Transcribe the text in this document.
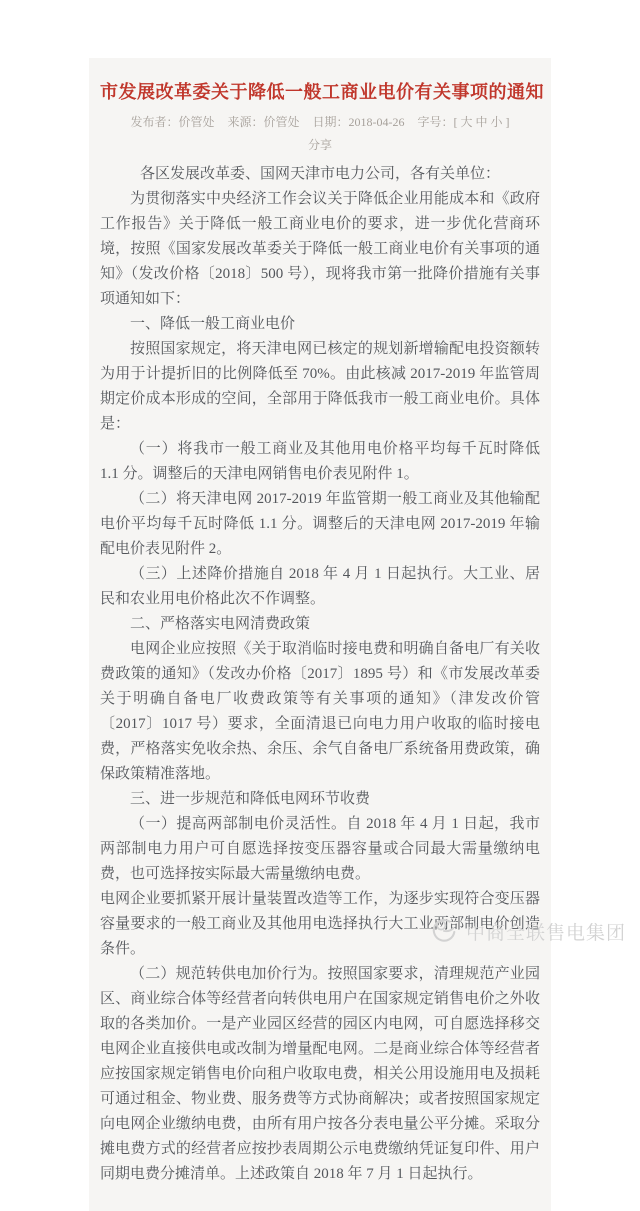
市发展改革委关于降低一般工商业电价有关事项的通知
发布者：价管处 来源：价管处 日期：2018-04-26 字号：[ 大 中 小 ]
分享

各区发展改革委、国网天津市电力公司，各有关单位：

为贯彻落实中央经济工作会议关于降低企业用能成本和《政府工作报告》关于降低一般工商业电价的要求，进一步优化营商环境，按照《国家发展改革委关于降低一般工商业电价有关事项的通知》（发改价格〔2018〕500 号），现将我市第一批降价措施有关事项通知如下：

一、降低一般工商业电价

按照国家规定，将天津电网已核定的规划新增输配电投资额转为用于计提折旧的比例降低至 70%。由此核减 2017-2019 年监管周期定价成本形成的空间，全部用于降低我市一般工商业电价。具体是：

（一）将我市一般工商业及其他用电价格平均每千瓦时降低 1.1 分。调整后的天津电网销售电价表见附件 1。

（二）将天津电网 2017-2019 年监管期一般工商业及其他输配电价平均每千瓦时降低 1.1 分。调整后的天津电网 2017-2019 年输配电价表见附件 2。

（三）上述降价措施自 2018 年 4 月 1 日起执行。大工业、居民和农业用电价格此次不作调整。

二、严格落实电网清费政策

电网企业应按照《关于取消临时接电费和明确自备电厂有关收费政策的通知》（发改办价格〔2017〕1895 号）和《市发展改革委关于明确自备电厂收费政策等有关事项的通知》（津发改价管〔2017〕1017 号）要求，全面清退已向电力用户收取的临时接电费，严格落实免收余热、余压、余气自备电厂系统备用费政策，确保政策精准落地。

三、进一步规范和降低电网环节收费

（一）提高两部制电价灵活性。自 2018 年 4 月 1 日起，我市两部制电力用户可自愿选择按变压器容量或合同最大需量缴纳电费，也可选择按实际最大需量缴纳电费。

电网企业要抓紧开展计量装置改造等工作，为逐步实现符合变压器容量要求的一般工商业及其他用电选择执行大工业两部制电价创造条件。

（二）规范转供电加价行为。按照国家要求，清理规范产业园区、商业综合体等经营者向转供电用户在国家规定销售电价之外收取的各类加价。一是产业园区经营的园区内电网，可自愿选择移交电网企业直接供电或改制为增量配电网。二是商业综合体等经营者应按国家规定销售电价向租户收取电费，相关公用设施用电及损耗可通过租金、物业费、服务费等方式协商解决；或者按照国家规定向电网企业缴纳电费，由所有用户按各分表电量公平分摊。采取分摊电费方式的经营者应按抄表周期公示电费缴纳凭证复印件、用户同期电费分摊清单。上述政策自 2018 年 7 月 1 日起执行。

中商全联售电集团
